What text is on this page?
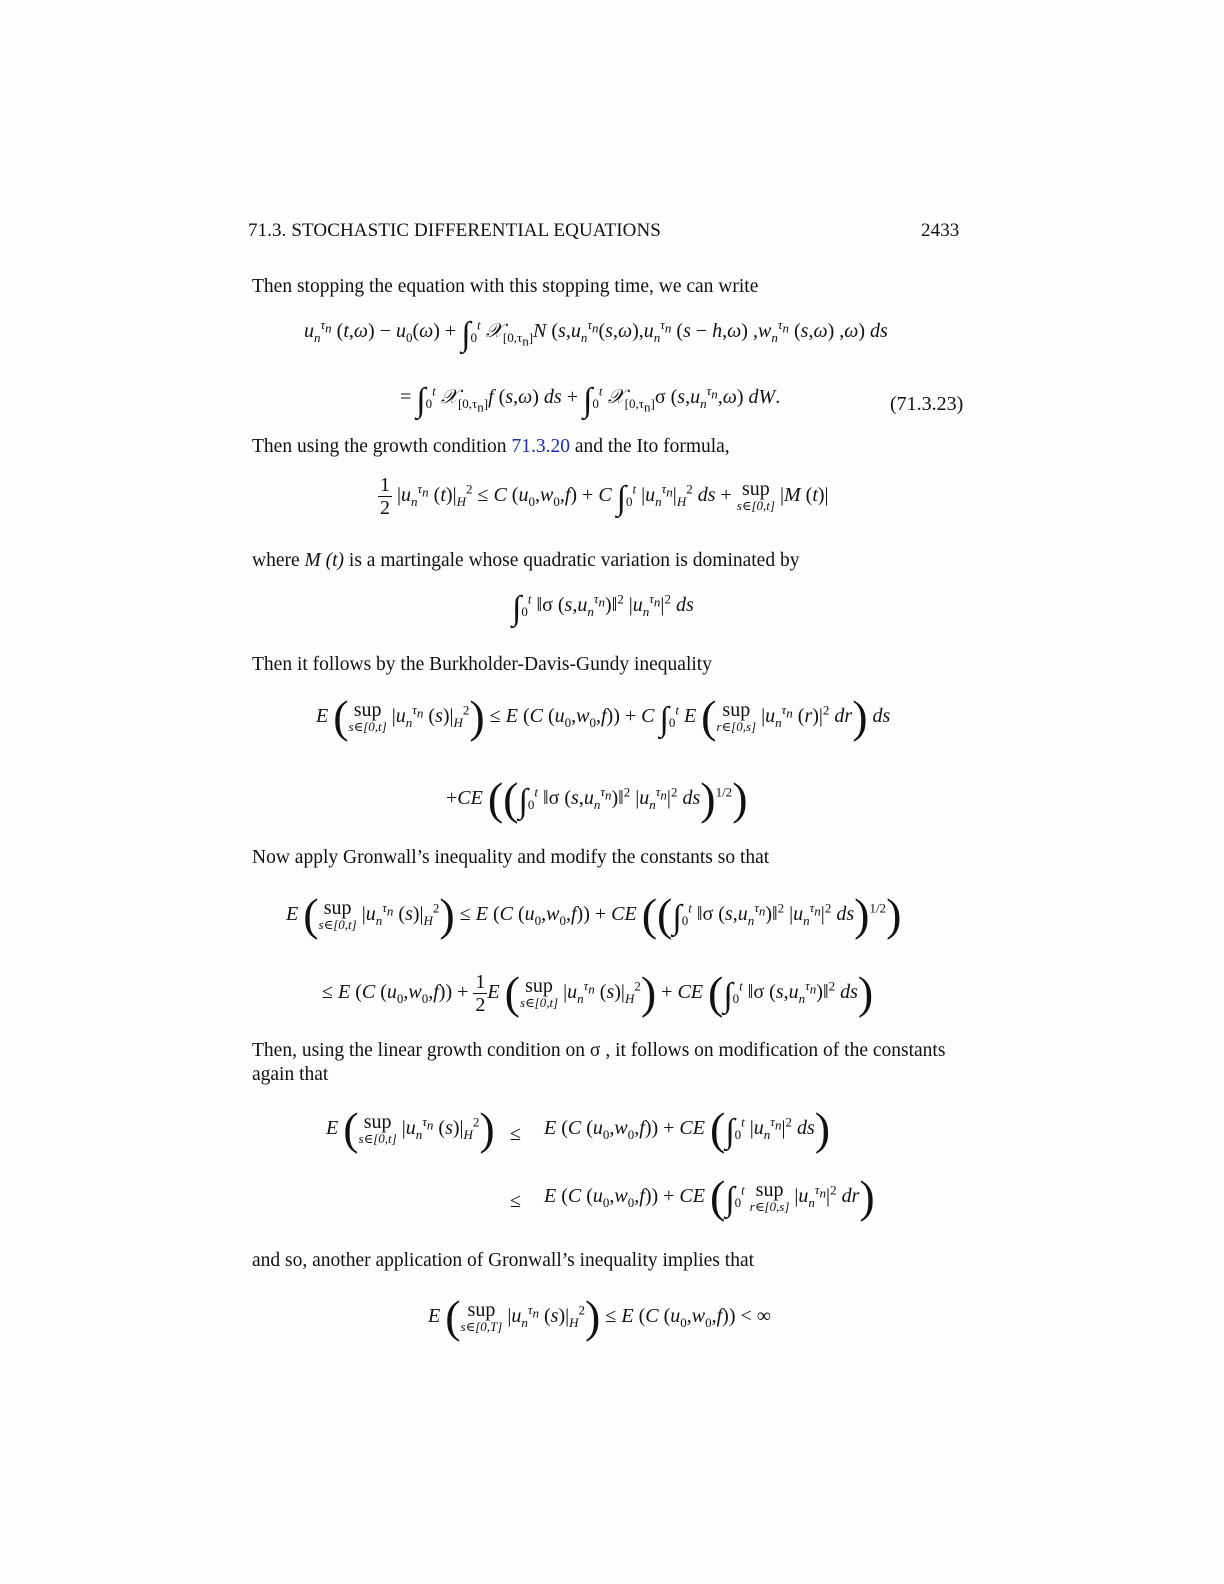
71.3. STOCHASTIC DIFFERENTIAL EQUATIONS	2433
Then stopping the equation with this stopping time, we can write
$u_n^{\tau_n}$ $(t,\omega) - u_0(\omega) + \int_0^t$ 𝒳$_{[0,\tau_n]}$N ($s,u_n^{\tau_n}(s,\omega),u_n^{\tau_n}$ (s − h,ω) $,w_n^{\tau_n}$ (s,ω) ,ω) ds
= $\int_0^t$ 𝒳$_{[0,\tau_n]}$f (s,ω) ds + $\int_0^t$ 𝒳$_{[0,\tau_n]}$σ $(s,u_n^{\tau_n},\omega)$ dW.	(71.3.23)
Then using the growth condition 71.3.20 and the Ito formula,
$\frac{1}{2} |u_n^{\tau_n}$ $(t)|_H^2 \le C$ $(u_0,w_0,f) + C$ $\int_0^t$ $|u_n^{\tau_n}|_H^2$ ds + sup
s∈[0,t] |M (t)|
where M (t) is a martingale whose quadratic variation is dominated by
$\int_0^t$ ‖σ $(s,u_n^{\tau_n})‖^2$ $|u_n^{\tau_n}|^2$ ds
Then it follows by the Burkholder-Davis-Gundy inequality
E ( sup
s∈[0,t] $|u_n^{\tau_n}$ $(s)|_H^2) \le E$ (C $(u_0,w_0,f)) + C$ $\int_0^t$ E ( sup
r∈[0,s] $|u_n^{\tau_n}$ $(r)|^2$ dr) ds
+CE (($\int_0^t$ ‖σ $(s,u_n^{\tau_n})‖^2$ $|u_n^{\tau_n}|^2$ ds)$^{1/2}$)
Now apply Gronwall’s inequality and modify the constants so that
E ( sup
s∈[0,t] $|u_n^{\tau_n}$ $(s)|_H^2) \le E$ (C $(u_0,w_0,f)$) + CE (($\int_0^t$ ‖σ $(s,u_n^{\tau_n})‖^2$ $|u_n^{\tau_n}|^2$ ds)$^{1/2}$)
≤ E (C $(u_0,w_0,f)) + \frac{1}{2}$ E ( sup
s∈[0,t] $|u_n^{\tau_n}$ $(s)|_H^2$) + CE ($\int_0^t$ ‖σ $(s,u_n^{\tau_n})‖^2$ ds)
Then, using the linear growth condition on σ , it follows on modification of the constants
again that
E ( sup
s∈[0,t] $|u_n^{\tau_n}$ $(s)|_H^2) \le E$ (C $(u_0,w_0,f)$) + CE ($\int_0^t$ $|u_n^{\tau_n}|^2$ ds)
≤ E (C $(u_0,w_0,f)$) + CE ($\int_0^t$ sup
r∈[0,s] $|u_n^{\tau_n}|^2$ dr)
and so, another application of Gronwall’s inequality implies that
E ( sup
s∈[0,T] $|u_n^{\tau_n}$ $(s)|_H^2) \le E$ (C $(u_0,w_0,f)$) < ∞
